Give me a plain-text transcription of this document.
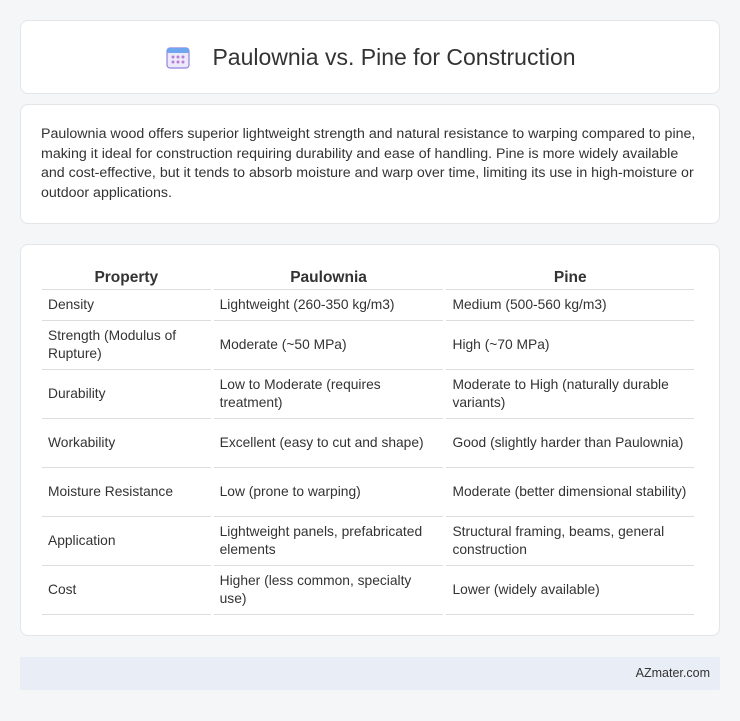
Paulownia vs. Pine for Construction

Paulownia wood offers superior lightweight strength and natural resistance to warping compared to pine, making it ideal for construction requiring durability and ease of handling. Pine is more widely available and cost-effective, but it tends to absorb moisture and warp over time, limiting its use in high-moisture or outdoor applications.

Property	Paulownia	Pine
Density	Lightweight (260-350 kg/m3)	Medium (500-560 kg/m3)
Strength (Modulus of Rupture)	Moderate (~50 MPa)	High (~70 MPa)
Durability	Low to Moderate (requires treatment)	Moderate to High (naturally durable variants)
Workability	Excellent (easy to cut and shape)	Good (slightly harder than Paulownia)
Moisture Resistance	Low (prone to warping)	Moderate (better dimensional stability)
Application	Lightweight panels, prefabricated elements	Structural framing, beams, general construction
Cost	Higher (less common, specialty use)	Lower (widely available)
AZmater.com
